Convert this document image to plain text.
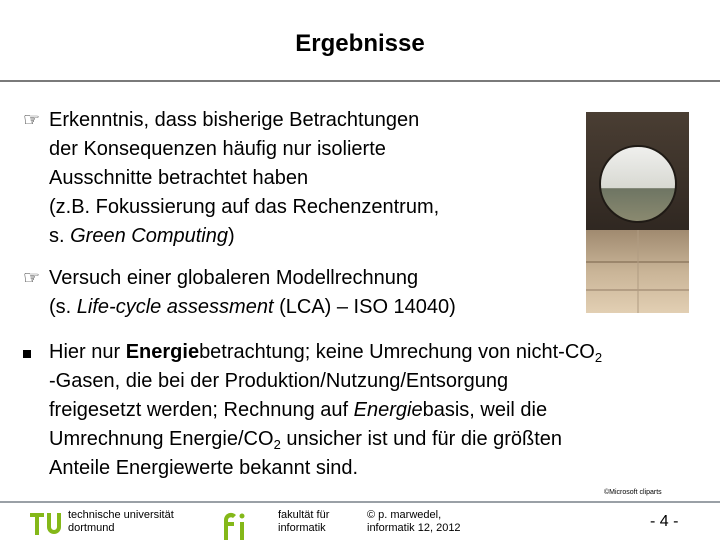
Ergebnisse
☞ Erkenntnis, dass bisherige Betrachtungen
der Konsequenzen häufig nur isolierte
Ausschnitte betrachtet haben
(z.B. Fokussierung auf das Rechenzentrum,
s. Green Computing)
☞ Versuch einer globaleren Modellrechnung
(s. Life-cycle assessment (LCA) – ISO 14040)
Hier nur Energiebetrachtung; keine Umrechung von nicht-$CO_2$
-Gasen, die bei der Produktion/Nutzung/Entsorgung
freigesetzt werden; Rechnung auf Energiebasis, weil die
Umrechnung Energie/$CO_2$ unsicher ist und für die größten
Anteile Energiewerte bekannt sind.
©Microsoft cliparts
technische universität
dortmund
fakultät für
informatik
© p. marwedel,
informatik 12, 2012	- 4 -
